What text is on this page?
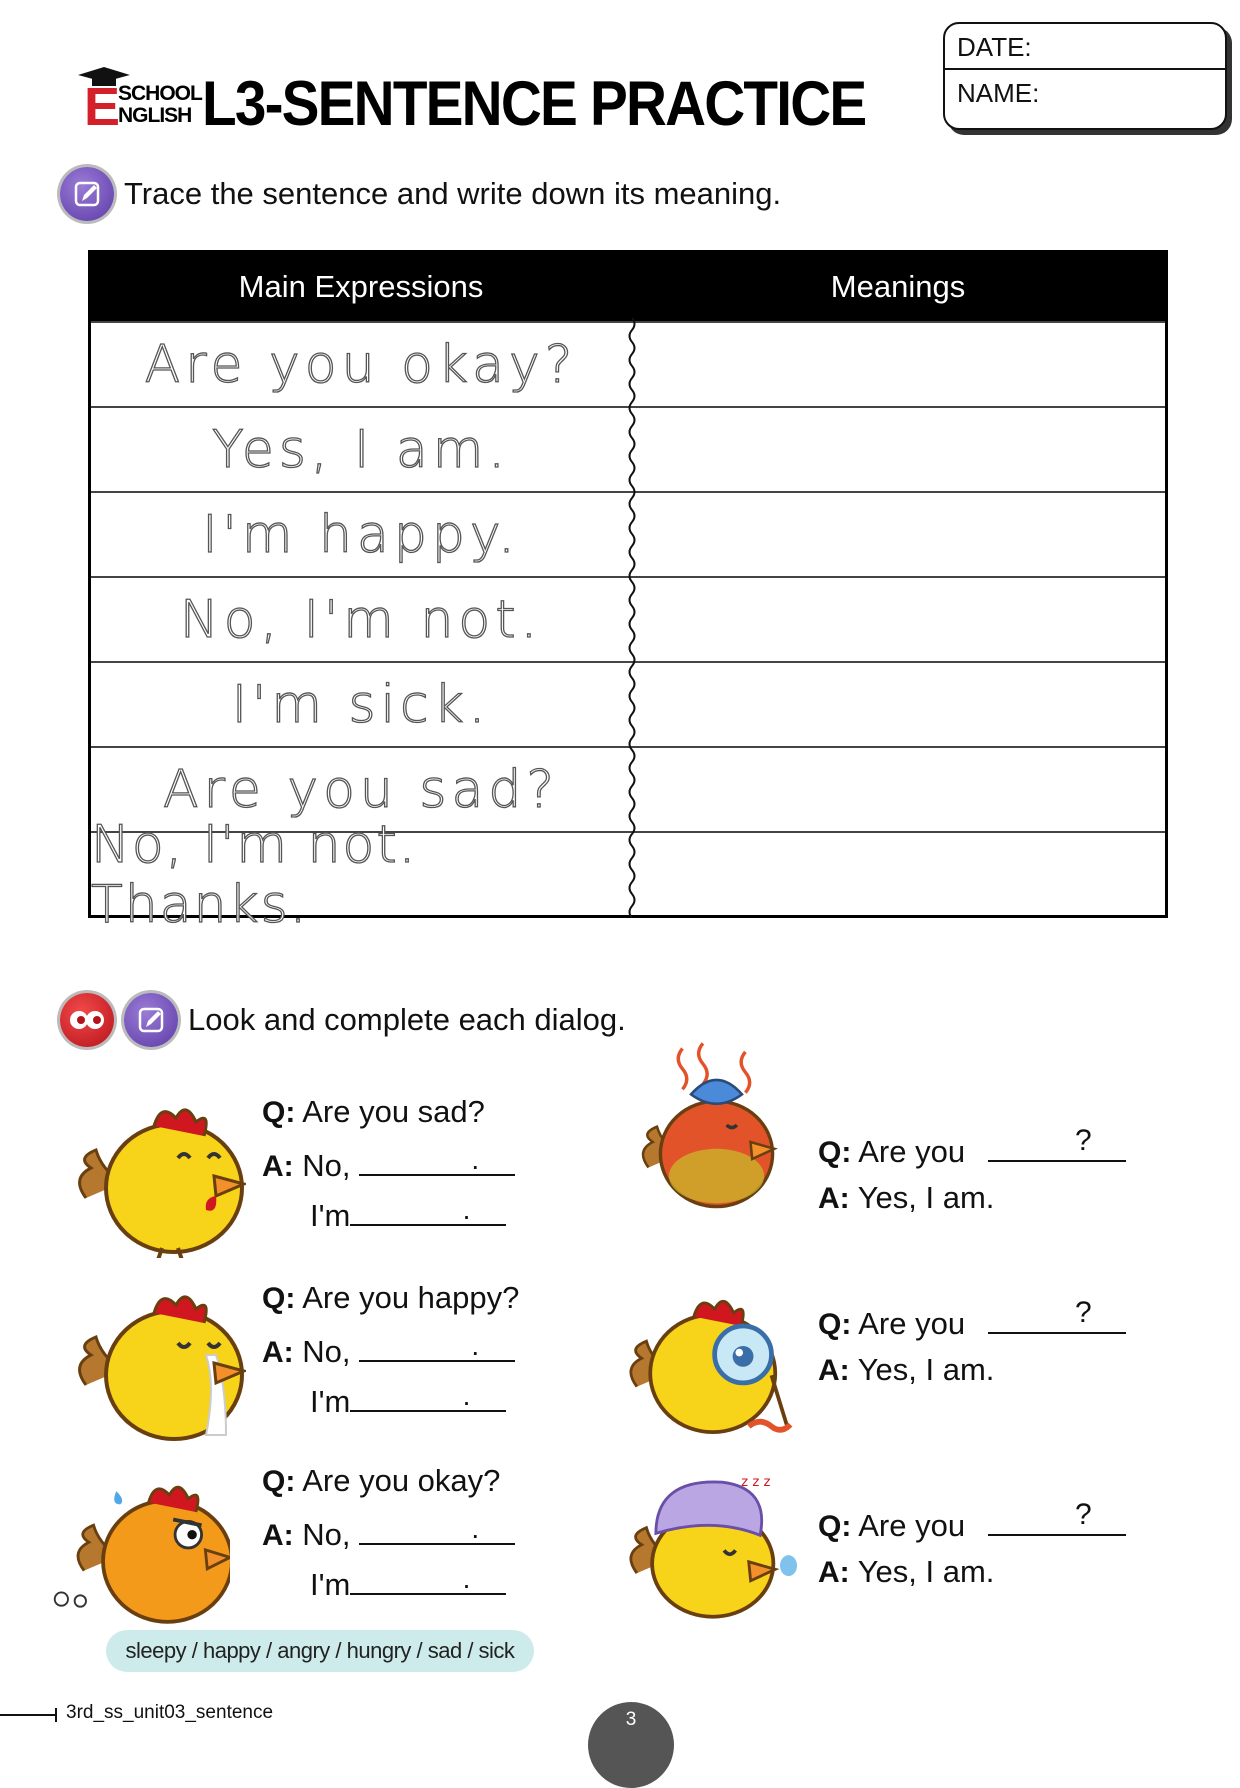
E
SCHOOL
NGLISH L3-SENTENCE PRACTICE
DATE:
NAME:
Trace the sentence and write down its meaning.
Main Expressions	Meanings
Are you okay?
Yes, I am.
I'm happy.
No, I'm not.
I'm sick.
Are you sad?
No, I'm not. Thanks.
Look and complete each dialog.
z z z
Q: Are you sad?
A: No,	.
I'm	.
Q: Are you happy?
A: No,	.
I'm	.
Q: Are you okay?
A: No,	.
I'm	.
Q: Are you	?
A: Yes, I am.
Q: Are you	?
A: Yes, I am.
Q: Are you	?
A: Yes, I am.
sleepy / happy / angry / hungry / sad / sick
3rd_ss_unit03_sentence	3
